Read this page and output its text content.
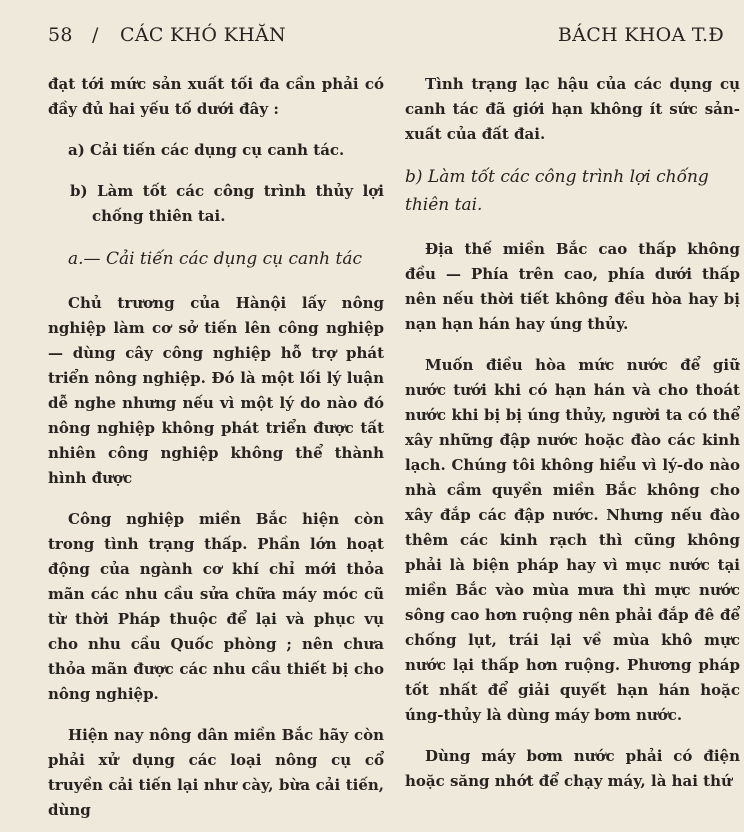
58 / CÁC KHÓ KHĂN	BÁCH KHOA T.Đ

đạt tới mức sản xuất tối đa cần phải có đầy đủ hai yếu tố dưới đây :

a) Cải tiến các dụng cụ canh tác.
b) Làm tốt các công trình thủy lợi chống thiên tai.
a.— Cải tiến các dụng cụ canh tác

Chủ trương của Hànội lấy nông nghiệp làm cơ sở tiến lên công nghiệp — dùng cây công nghiệp hỗ trợ phát triển nông nghiệp. Đó là một lối lý luận dễ nghe nhưng nếu vì một lý do nào đó nông nghiệp không phát triển được tất nhiên công nghiệp không thể thành hình được

Công nghiệp miền Bắc hiện còn trong tình trạng thấp. Phần lớn hoạt động của ngành cơ khí chỉ mới thỏa mãn các nhu cầu sửa chữa máy móc cũ từ thời Pháp thuộc để lại và phục vụ cho nhu cầu Quốc phòng ; nên chưa thỏa mãn được các nhu cầu thiết bị cho nông nghiệp.

Hiện nay nông dân miền Bắc hãy còn phải xử dụng các loại nông cụ cổ truyền cải tiến lại như cày, bừa cải tiến, dùng

Tình trạng lạc hậu của các dụng cụ canh tác đã giới hạn không ít sức sản-xuất của đất đai.

b) Làm tốt các công trình lợi chống thiên tai.

Địa thế miền Bắc cao thấp không đều — Phía trên cao, phía dưới thấp nên nếu thời tiết không đều hòa hay bị nạn hạn hán hay úng thủy.

Muốn điều hòa mức nước để giữ nước tưới khi có hạn hán và cho thoát nước khi bị bị úng thủy, người ta có thể xây những đập nước hoặc đào các kinh lạch. Chúng tôi không hiểu vì lý-do nào nhà cầm quyền miền Bắc không cho xây đắp các đập nước. Nhưng nếu đào thêm các kinh rạch thì cũng không phải là biện pháp hay vì mục nước tại miền Bắc vào mùa mưa thì mực nước sông cao hơn ruộng nên phải đắp đê để chống lụt, trái lại về mùa khô mực nước lại thấp hơn ruộng. Phương pháp tốt nhất để giải quyết hạn hán hoặc úng-thủy là dùng máy bơm nước.

Dùng máy bơm nước phải có điện hoặc săng nhớt để chạy máy, là hai thứ
